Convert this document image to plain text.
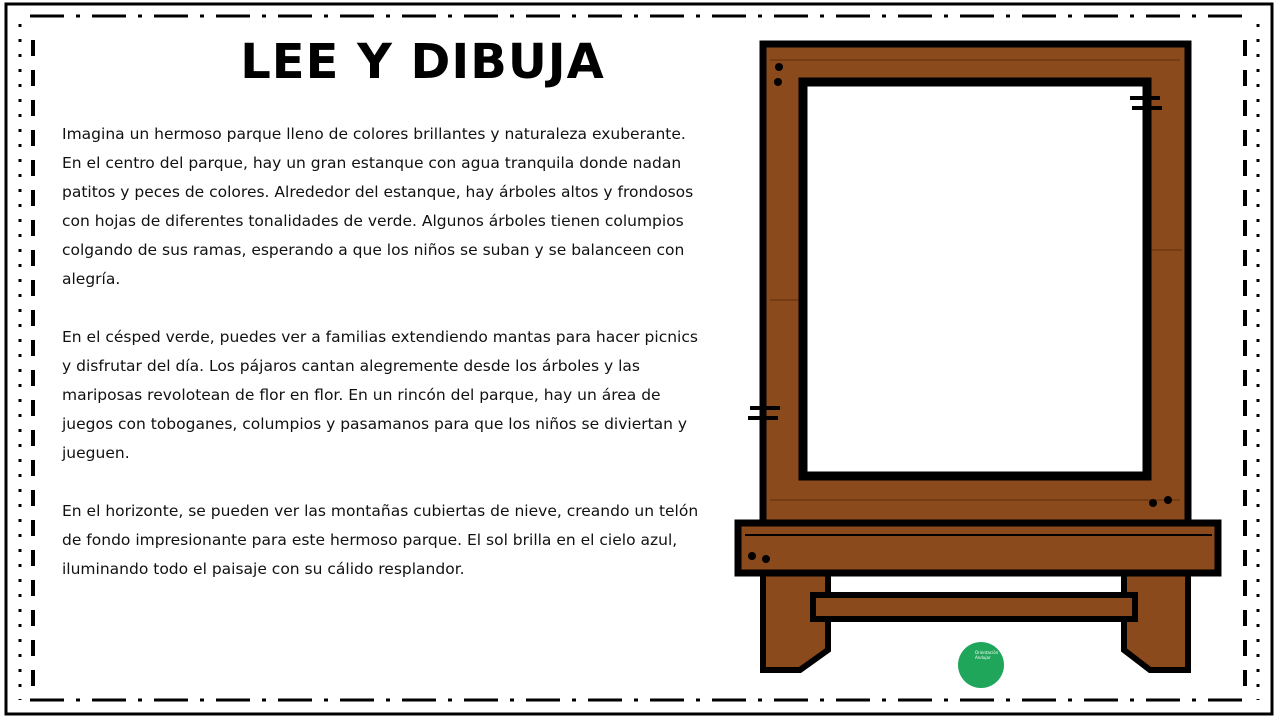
LEE Y DIBUJA

Imagina un hermoso parque lleno de colores brillantes y naturaleza exuberante. En el centro del parque, hay un gran estanque con agua tranquila donde nadan patitos y peces de colores. Alrededor del estanque, hay árboles altos y frondosos con hojas de diferentes tonalidades de verde. Algunos árboles tienen columpios colgando de sus ramas, esperando a que los niños se suban y se balanceen con alegría.

En el césped verde, puedes ver a familias extendiendo mantas para hacer picnics y disfrutar del día. Los pájaros cantan alegremente desde los árboles y las mariposas revolotean de flor en flor. En un rincón del parque, hay un área de juegos con toboganes, columpios y pasamanos para que los niños se diviertan y jueguen.

En el horizonte, se pueden ver las montañas cubiertas de nieve, creando un telón de fondo impresionante para este hermoso parque. El sol brilla en el cielo azul, iluminando todo el paisaje con su cálido resplandor.

Orientación
Andujar
